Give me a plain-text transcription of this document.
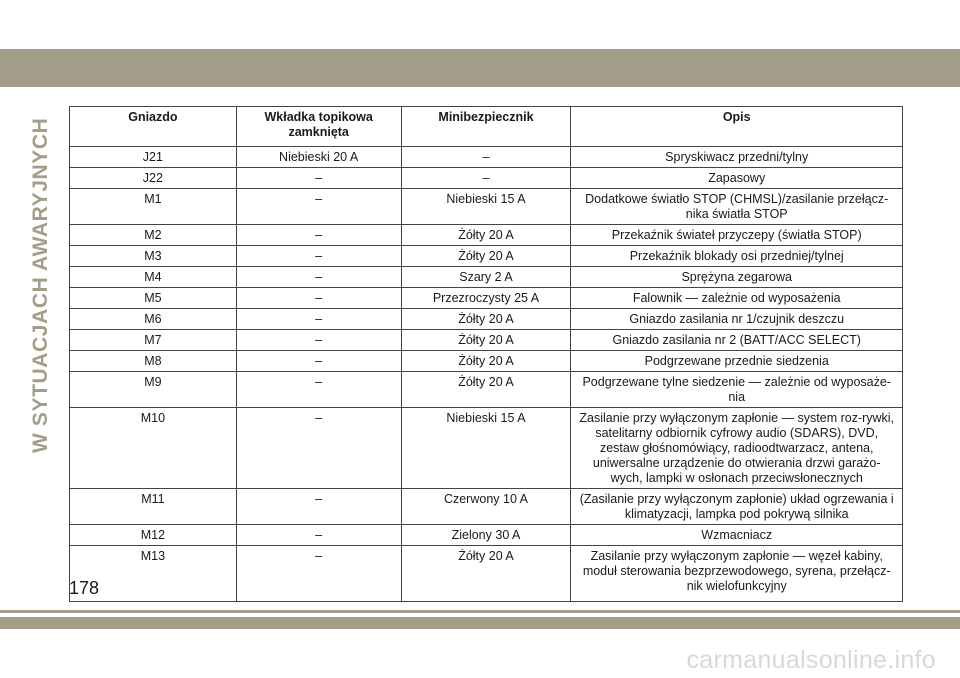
W SYTUACJACH AWARYJNYCH
Gniazdo	Wkładka topikowa zamknięta	Minibezpiecznik	Opis
J21	Niebieski 20 A	–	Spryskiwacz przedni/tylny
J22	–	–	Zapasowy
M1	–	Niebieski 15 A	Dodatkowe światło STOP (CHMSL)/zasilanie przełącz-nika światła STOP
M2	–	Żółty 20 A	Przekaźnik świateł przyczepy (światła STOP)
M3	–	Żółty 20 A	Przekaźnik blokady osi przedniej/tylnej
M4	–	Szary 2 A	Sprężyna zegarowa
M5	–	Przezroczysty 25 A	Falownik — zależnie od wyposażenia
M6	–	Żółty 20 A	Gniazdo zasilania nr 1/czujnik deszczu
M7	–	Żółty 20 A	Gniazdo zasilania nr 2 (BATT/ACC SELECT)
M8	–	Żółty 20 A	Podgrzewane przednie siedzenia
M9	–	Żółty 20 A	Podgrzewane tylne siedzenie — zależnie od wyposaże-nia
M10	–	Niebieski 15 A	Zasilanie przy wyłączonym zapłonie — system roz-rywki, satelitarny odbiornik cyfrowy audio (SDARS), DVD, zestaw głośnomówiący, radioodtwarzacz, antena, uniwersalne urządzenie do otwierania drzwi garażo-wych, lampki w osłonach przeciwsłonecznych
M11	–	Czerwony 10 A	(Zasilanie przy wyłączonym zapłonie) układ ogrzewania i klimatyzacji, lampka pod pokrywą silnika
M12	–	Zielony 30 A	Wzmacniacz
M13	–	Żółty 20 A	Zasilanie przy wyłączonym zapłonie — węzeł kabiny, moduł sterowania bezprzewodowego, syrena, przełącz-nik wielofunkcyjny
178
carmanualsonline.info
